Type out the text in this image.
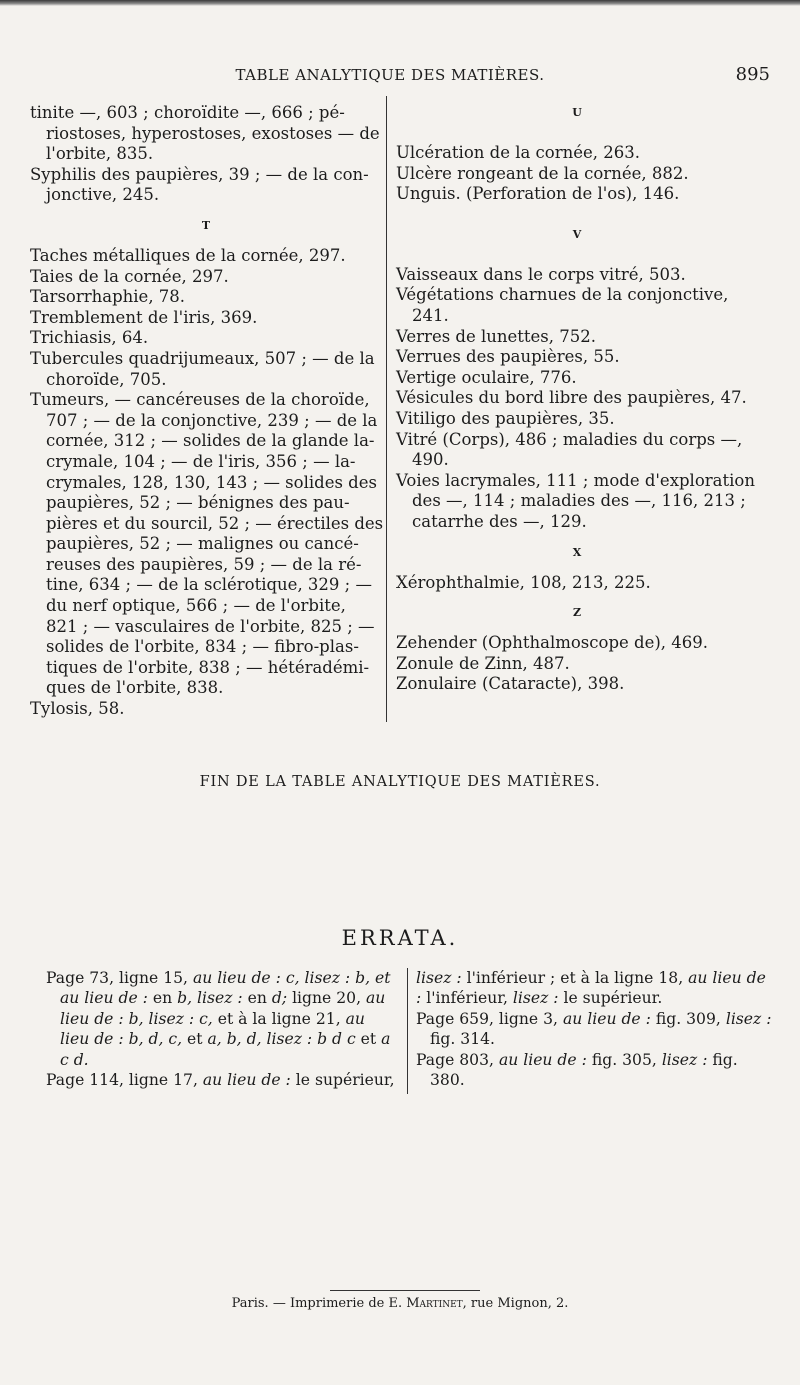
TABLE ANALYTIQUE DES MATIÈRES.	895
tinite —, 603 ; choroïdite —, 666 ; pé-
riostoses, hyperostoses, exostoses — de
l'orbite, 835.
Syphilis des paupières, 39 ; — de la con-
jonctive, 245.
T
Taches métalliques de la cornée, 297.
Taies de la cornée, 297.
Tarsorrhaphie, 78.
Tremblement de l'iris, 369.
Trichiasis, 64.
Tubercules quadrijumeaux, 507 ; — de la
choroïde, 705.
Tumeurs, — cancéreuses de la choroïde,
707 ; — de la conjonctive, 239 ; — de la
cornée, 312 ; — solides de la glande la-
crymale, 104 ; — de l'iris, 356 ; — la-
crymales, 128, 130, 143 ; — solides des
paupières, 52 ; — bénignes des pau-
pières et du sourcil, 52 ; — érectiles des
paupières, 52 ; — malignes ou cancé-
reuses des paupières, 59 ; — de la ré-
tine, 634 ; — de la sclérotique, 329 ; —
du nerf optique, 566 ; — de l'orbite,
821 ; — vasculaires de l'orbite, 825 ; —
solides de l'orbite, 834 ; — fibro-plas-
tiques de l'orbite, 838 ; — hétéradémi-
ques de l'orbite, 838.
Tylosis, 58.
U
Ulcération de la cornée, 263.
Ulcère rongeant de la cornée, 882.
Unguis. (Perforation de l'os), 146.
V
Vaisseaux dans le corps vitré, 503.
Végétations charnues de la conjonctive,
241.
Verres de lunettes, 752.
Verrues des paupières, 55.
Vertige oculaire, 776.
Vésicules du bord libre des paupières, 47.
Vitiligo des paupières, 35.
Vitré (Corps), 486 ; maladies du corps —,
490.
Voies lacrymales, 111 ; mode d'exploration
des —, 114 ; maladies des —, 116, 213 ;
catarrhe des —, 129.
X
Xérophthalmie, 108, 213, 225.
Z
Zehender (Ophthalmoscope de), 469.
Zonule de Zinn, 487.
Zonulaire (Cataracte), 398.
FIN DE LA TABLE ANALYTIQUE DES MATIÈRES.
ERRATA.

Page 73, ligne 15, au lieu de : c, lisez : b, et au lieu de : en b, lisez : en d; ligne 20, au lieu de : b, lisez : c, et à la ligne 21, au lieu de : b, d, c, et a, b, d, lisez : b d c et a c d.

Page 114, ligne 17, au lieu de : le supérieur,

lisez : l'inférieur ; et à la ligne 18, au lieu de : l'inférieur, lisez : le supérieur.

Page 659, ligne 3, au lieu de : fig. 309, lisez : fig. 314.

Page 803, au lieu de : fig. 305, lisez : fig. 380.

Paris. — Imprimerie de E. Martinet, rue Mignon, 2.
